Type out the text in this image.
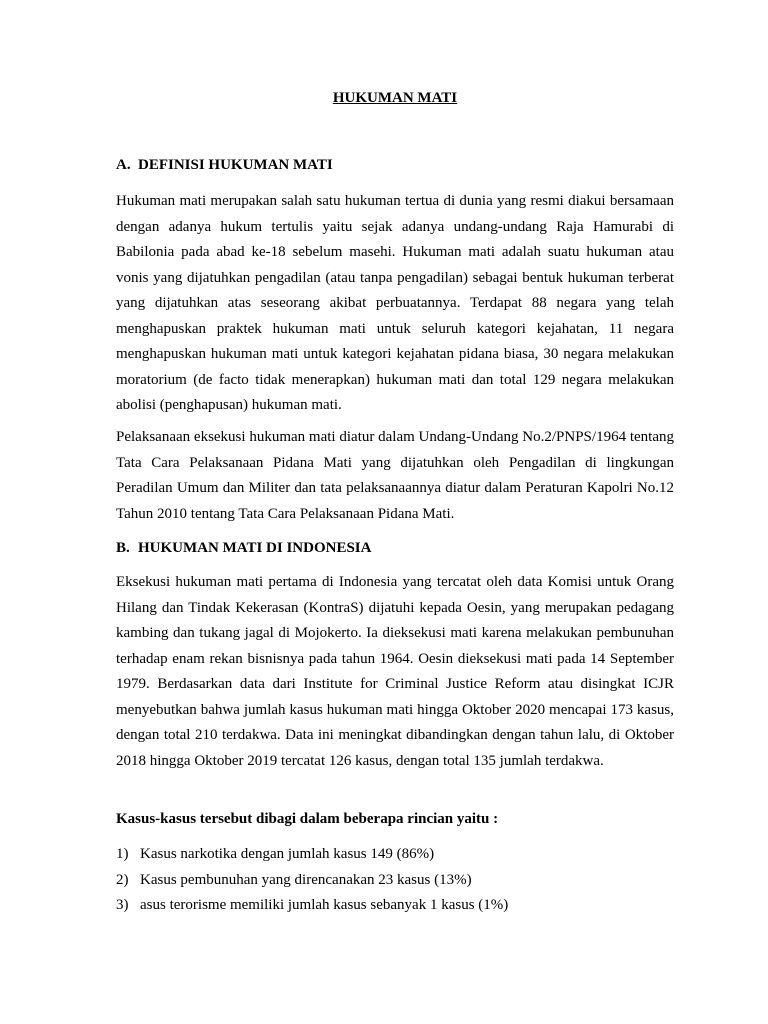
HUKUMAN MATI
A. DEFINISI HUKUMAN MATI

Hukuman mati merupakan salah satu hukuman tertua di dunia yang resmi diakui bersamaan dengan adanya hukum tertulis yaitu sejak adanya undang-undang Raja Hamurabi di Babilonia pada abad ke-18 sebelum masehi. Hukuman mati adalah suatu hukuman atau vonis yang dijatuhkan pengadilan (atau tanpa pengadilan) sebagai bentuk hukuman terberat yang dijatuhkan atas seseorang akibat perbuatannya. Terdapat 88 negara yang telah menghapuskan praktek hukuman mati untuk seluruh kategori kejahatan, 11 negara menghapuskan hukuman mati untuk kategori kejahatan pidana biasa, 30 negara melakukan moratorium (de facto tidak menerapkan) hukuman mati dan total 129 negara melakukan abolisi (penghapusan) hukuman mati.

Pelaksanaan eksekusi hukuman mati diatur dalam Undang-Undang No.2/PNPS/1964 tentang Tata Cara Pelaksanaan Pidana Mati yang dijatuhkan oleh Pengadilan di lingkungan Peradilan Umum dan Militer dan tata pelaksanaannya diatur dalam Peraturan Kapolri No.12 Tahun 2010 tentang Tata Cara Pelaksanaan Pidana Mati.

B. HUKUMAN MATI DI INDONESIA

Eksekusi hukuman mati pertama di Indonesia yang tercatat oleh data Komisi untuk Orang Hilang dan Tindak Kekerasan (KontraS) dijatuhi kepada Oesin, yang merupakan pedagang kambing dan tukang jagal di Mojokerto. Ia dieksekusi mati karena melakukan pembunuhan terhadap enam rekan bisnisnya pada tahun 1964. Oesin dieksekusi mati pada 14 September 1979. Berdasarkan data dari Institute for Criminal Justice Reform atau disingkat ICJR menyebutkan bahwa jumlah kasus hukuman mati hingga Oktober 2020 mencapai 173 kasus, dengan total 210 terdakwa. Data ini meningkat dibandingkan dengan tahun lalu, di Oktober 2018 hingga Oktober 2019 tercatat 126 kasus, dengan total 135 jumlah terdakwa.

Kasus-kasus tersebut dibagi dalam beberapa rincian yaitu :
1) Kasus narkotika dengan jumlah kasus 149 (86%)
2) Kasus pembunuhan yang direncanakan 23 kasus (13%)
3) asus terorisme memiliki jumlah kasus sebanyak 1 kasus (1%)
